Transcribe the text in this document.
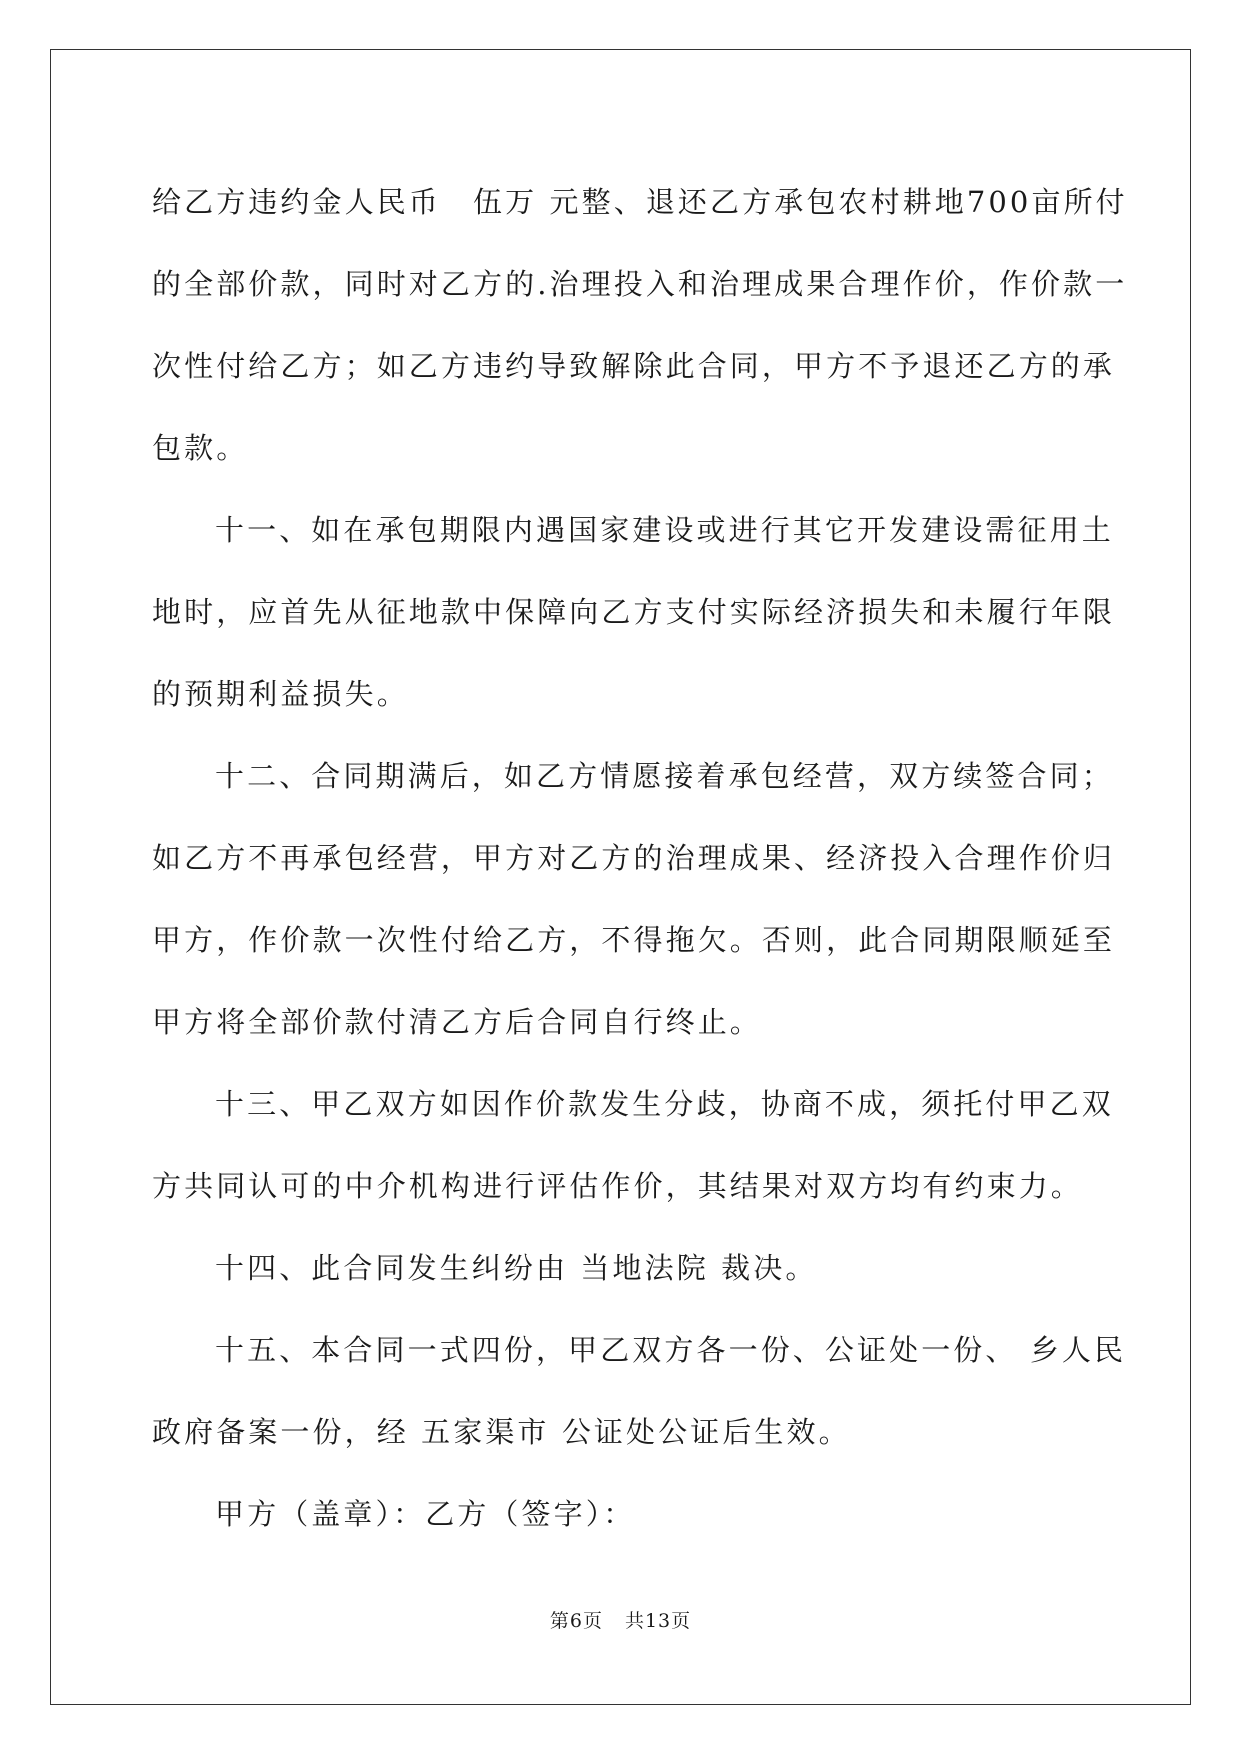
给乙方违约金人民币　伍万 元整、退还乙方承包农村耕地700亩所付
的全部价款，同时对乙方的.治理投入和治理成果合理作价，作价款一
次性付给乙方；如乙方违约导致解除此合同，甲方不予退还乙方的承
包款。
十一、如在承包期限内遇国家建设或进行其它开发建设需征用土
地时，应首先从征地款中保障向乙方支付实际经济损失和未履行年限
的预期利益损失。
十二、合同期满后，如乙方情愿接着承包经营，双方续签合同；
如乙方不再承包经营，甲方对乙方的治理成果、经济投入合理作价归
甲方，作价款一次性付给乙方，不得拖欠。否则，此合同期限顺延至
甲方将全部价款付清乙方后合同自行终止。
十三、甲乙双方如因作价款发生分歧，协商不成，须托付甲乙双
方共同认可的中介机构进行评估作价，其结果对双方均有约束力。
十四、此合同发生纠纷由 当地法院 裁决。
十五、本合同一式四份，甲乙双方各一份、公证处一份、 乡人民
政府备案一份，经 五家渠市 公证处公证后生效。
甲方（盖章）：乙方（签字）：
第6页 共13页
